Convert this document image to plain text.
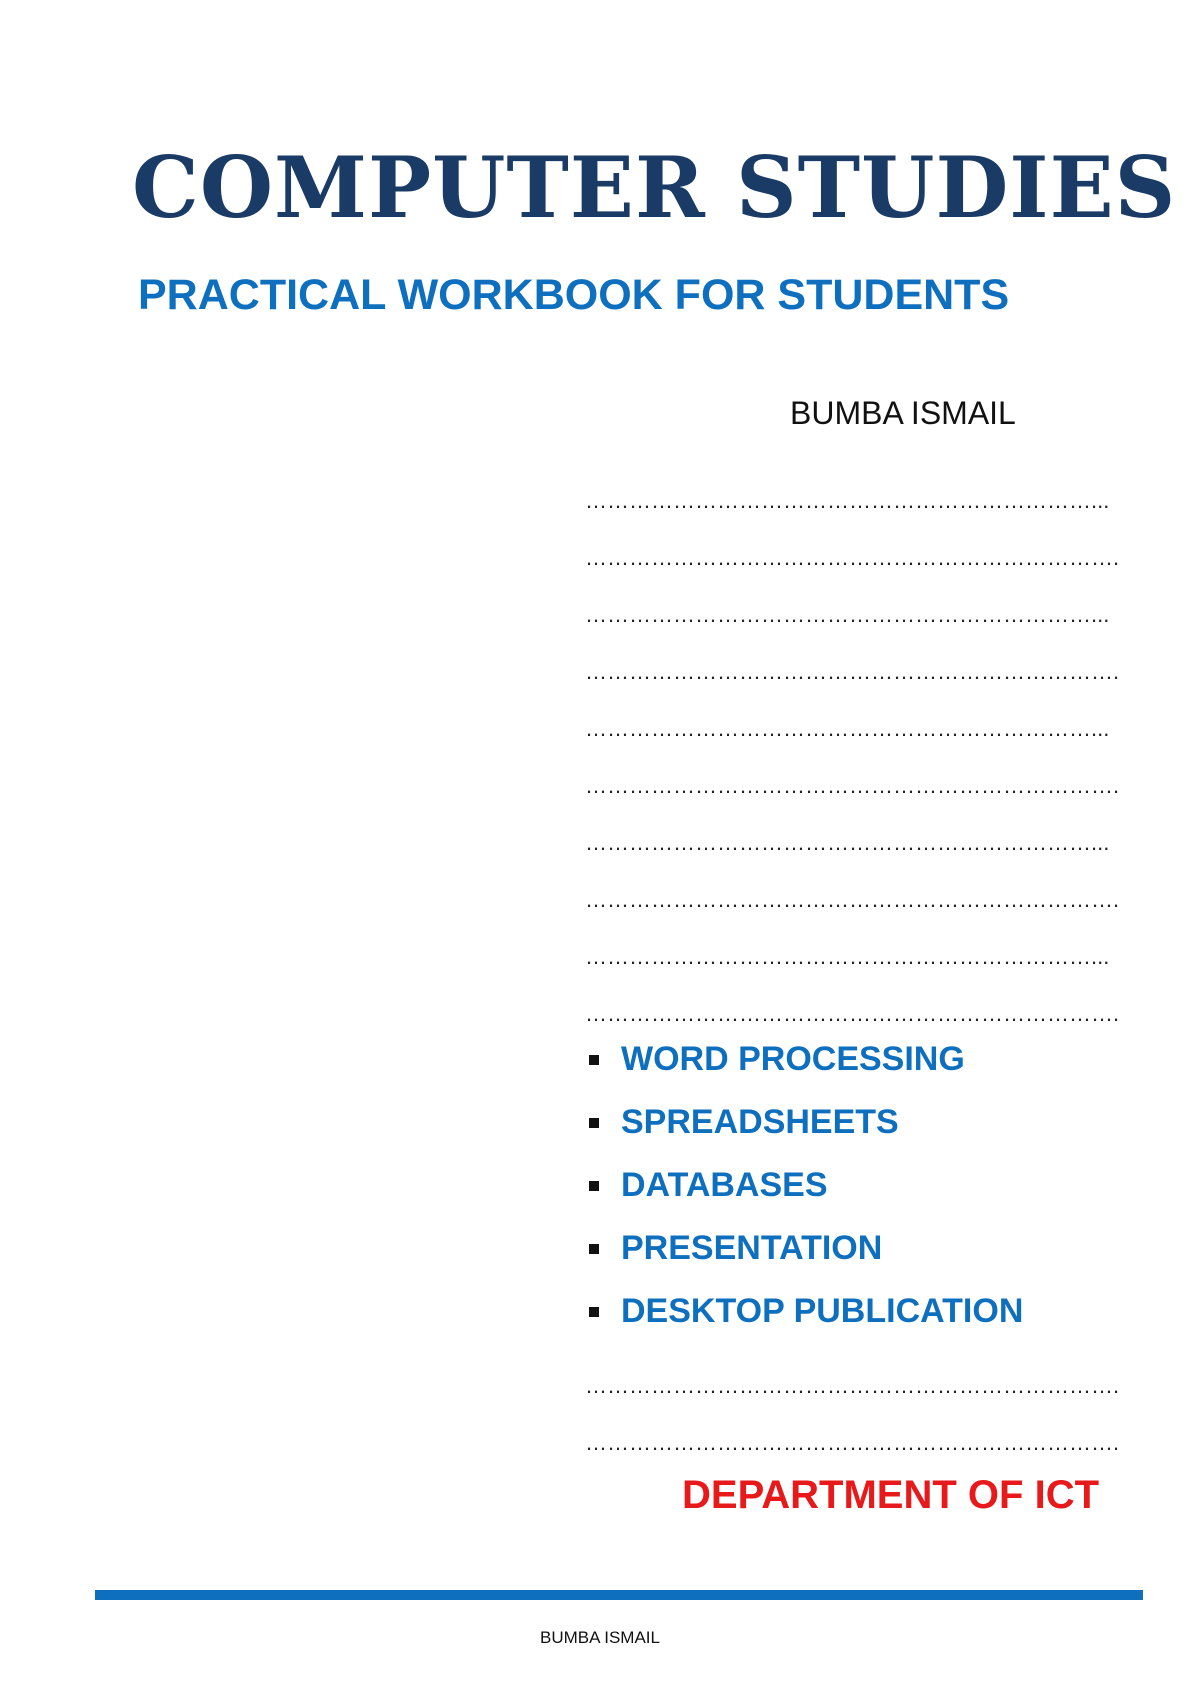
COMPUTER STUDIES
PRACTICAL WORKBOOK FOR STUDENTS
BUMBA ISMAIL
……………………………………………………………...
……………………………………………………………….
……………………………………………………………...
……………………………………………………………….
……………………………………………………………...
……………………………………………………………….
……………………………………………………………...
……………………………………………………………….
……………………………………………………………...
……………………………………………………………….
WORD PROCESSING
SPREADSHEETS
DATABASES
PRESENTATION
DESKTOP PUBLICATION
……………………………………………………………….
……………………………………………………………….
DEPARTMENT OF ICT
BUMBA ISMAIL
